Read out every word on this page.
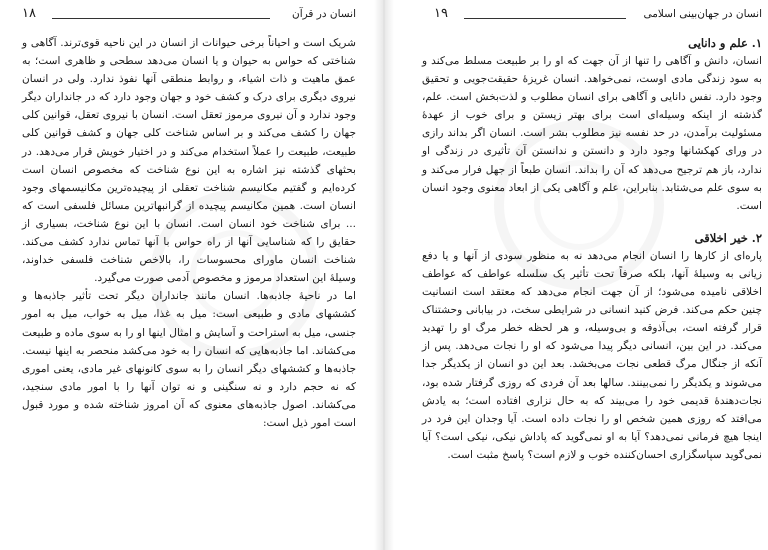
انسان در قرآن
۱۸

شریک است و احیاناً برخی حیوانات از انسان در این ناحیه قوی‌ترند. آگاهی و شناختی که حواس به حیوان و یا انسان می‌دهد سطحی و ظاهری است؛ به عمق ماهیت و ذات اشیاء، و روابط منطقی آنها نفوذ ندارد. ولی در انسان نیروی دیگری برای درک و کشف خود و جهان وجود دارد که در جانداران دیگر وجود ندارد و آن نیروی مرموز تعقل است. انسان با نیروی تعقل، قوانین کلی جهان را کشف می‌کند و بر اساس شناخت کلی جهان و کشف قوانین کلی طبیعت، طبیعت را عملاً استخدام می‌کند و در اختیار خویش قرار می‌دهد. در بحثهای گذشته نیز اشاره به این نوع شناخت که مخصوص انسان است کرده‌ایم و گفتیم مکانیسم شناخت تعقلی از پیچیده‌ترین مکانیسمهای وجود انسان است. همین مکانیسم پیچیده از گرانبهاترین مسائل فلسفی است که ... برای شناخت خود انسان است. انسان با این نوع شناخت، بسیاری از حقایق را که شناسایی آنها از راه حواس با آنها تماس ندارد کشف می‌کند. شناخت انسان ماورای محسوسات را، بالاخص شناخت فلسفی خداوند، وسیلهٔ این استعداد مرموز و مخصوص آدمی صورت می‌گیرد.

اما در ناحیهٔ جاذبه‌ها. انسان مانند جانداران دیگر تحت تأثیر جاذبه‌ها و کششهای مادی و طبیعی است: میل به غذا، میل به خواب، میل به امور جنسی، میل به استراحت و آسایش و امثال اینها او را به سوی ماده و طبیعت می‌کشاند. اما جاذبه‌هایی که انسان را به خود می‌کشد منحصر به اینها نیست. جاذبه‌ها و کششهای دیگر انسان را به سوی کانونهای غیر مادی، یعنی اموری که نه حجم دارد و نه سنگینی و نه توان آنها را با امور مادی سنجید، می‌کشاند. اصول جاذبه‌های معنوی که آن امروز شناخته شده و مورد قبول است امور ذیل است:

انسان در جهان‌بینی اسلامی
۱۹
۱. علم و دانایی

انسان، دانش و آگاهی را تنها از آن جهت که او را بر طبیعت مسلط می‌کند و به سود زندگی مادی اوست، نمی‌خواهد. انسان غریزهٔ حقیقت‌جویی و تحقیق وجود دارد. نفس دانایی و آگاهی برای انسان مطلوب و لذت‌بخش است. علم، گذشته از اینکه وسیله‌ای است برای بهتر زیستن و برای خوب از عهدهٔ مسئولیت برآمدن، در حد نفسه نیز مطلوب بشر است. انسان اگر بداند رازی در ورای کهکشانها وجود دارد و دانستن و ندانستن آن تأثیری در زندگی او ندارد، باز هم ترجیح می‌دهد که آن را بداند. انسان طبعاً از جهل فرار می‌کند و به سوی علم می‌شتابد. بنابراین، علم و آگاهی یکی از ابعاد معنوی وجود انسان است.

۲. خیر اخلاقی

پاره‌ای از کارها را انسان انجام می‌دهد نه به منظور سودی از آنها و یا دفع زیانی به وسیلهٔ آنها، بلکه صرفاً تحت تأثیر یک سلسله عواطف که عواطف اخلاقی نامیده می‌شود؛ از آن جهت انجام می‌دهد که معتقد است انسانیت چنین حکم می‌کند. فرض کنید انسانی در شرایطی سخت، در بیابانی وحشتناک قرار گرفته است، بی‌آذوقه و بی‌وسیله، و هر لحظه خطر مرگ او را تهدید می‌کند. در این بین، انسانی دیگر پیدا می‌شود که او را نجات می‌دهد. پس از آنکه از جنگال مرگ قطعی نجات می‌بخشد. بعد این دو انسان از یکدیگر جدا می‌شوند و یکدیگر را نمی‌بینند. سالها بعد آن فردی که روزی گرفتار شده بود، نجات‌دهندهٔ قدیمی خود را می‌بیند که به حال نزاری افتاده است؛ به یادش می‌افتد که روزی همین شخص او را نجات داده است. آیا وجدان این فرد در اینجا هیچ فرمانی نمی‌دهد؟ آیا به او نمی‌گوید که پاداش نیکی، نیکی است؟ آیا نمی‌گوید سپاسگزاری احسان‌کننده خوب و لازم است؟ پاسخ مثبت است.
